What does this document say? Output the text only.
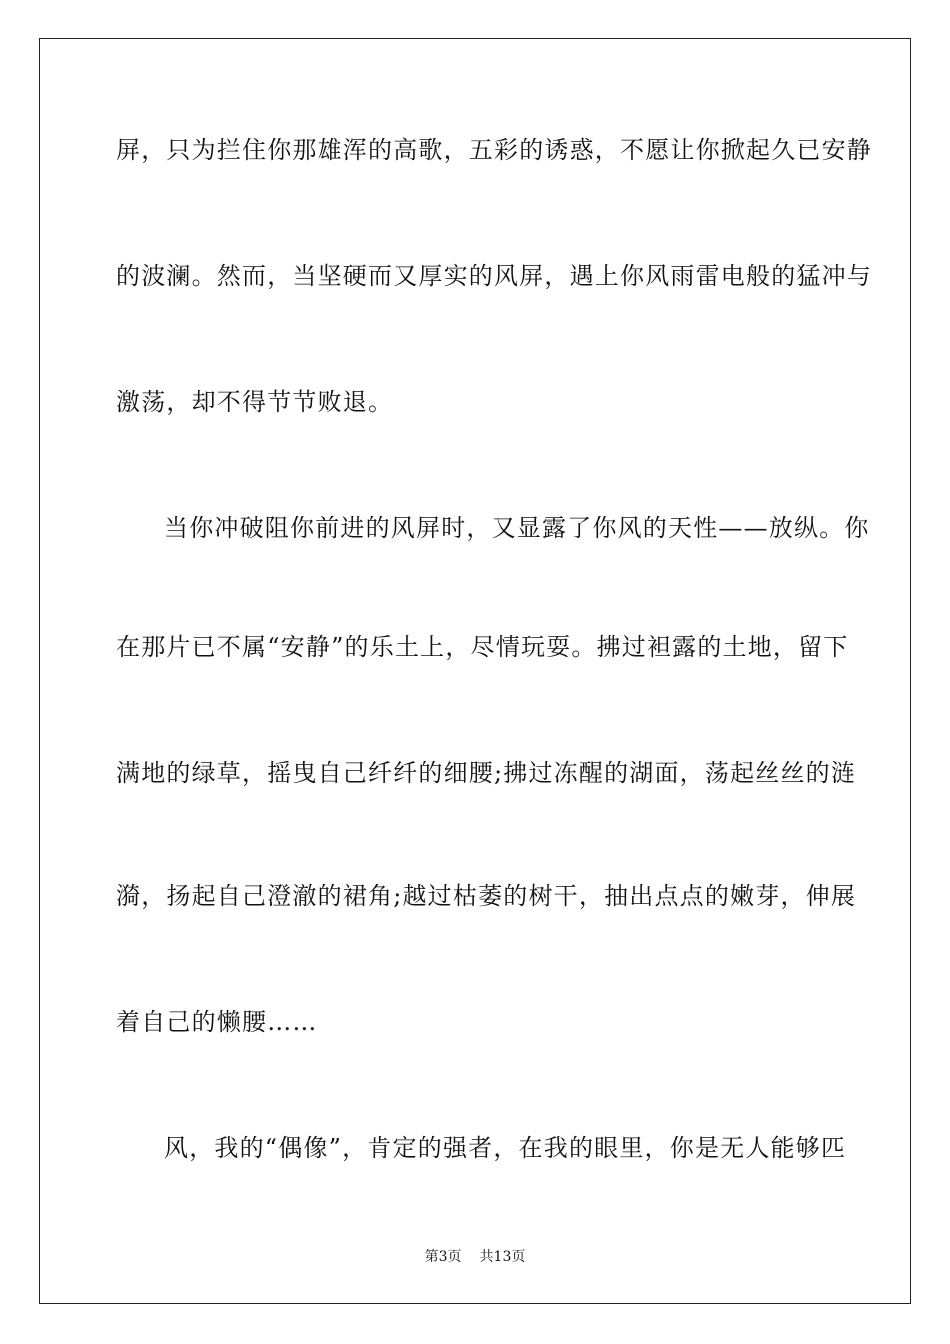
屏，只为拦住你那雄浑的高歌，五彩的诱惑，不愿让你掀起久已安静
的波澜。然而，当坚硬而又厚实的风屏，遇上你风雨雷电般的猛冲与
激荡，却不得节节败退。
当你冲破阻你前进的风屏时，又显露了你风的天性——放纵。你
在那片已不属“安静”的乐土上，尽情玩耍。拂过袒露的土地，留下
满地的绿草，摇曳自己纤纤的细腰;拂过冻醒的湖面，荡起丝丝的涟
漪，扬起自己澄澈的裙角;越过枯萎的树干，抽出点点的嫩芽，伸展
着自己的懒腰……
风，我的“偶像”，肯定的强者，在我的眼里，你是无人能够匹
第3页 共13页
